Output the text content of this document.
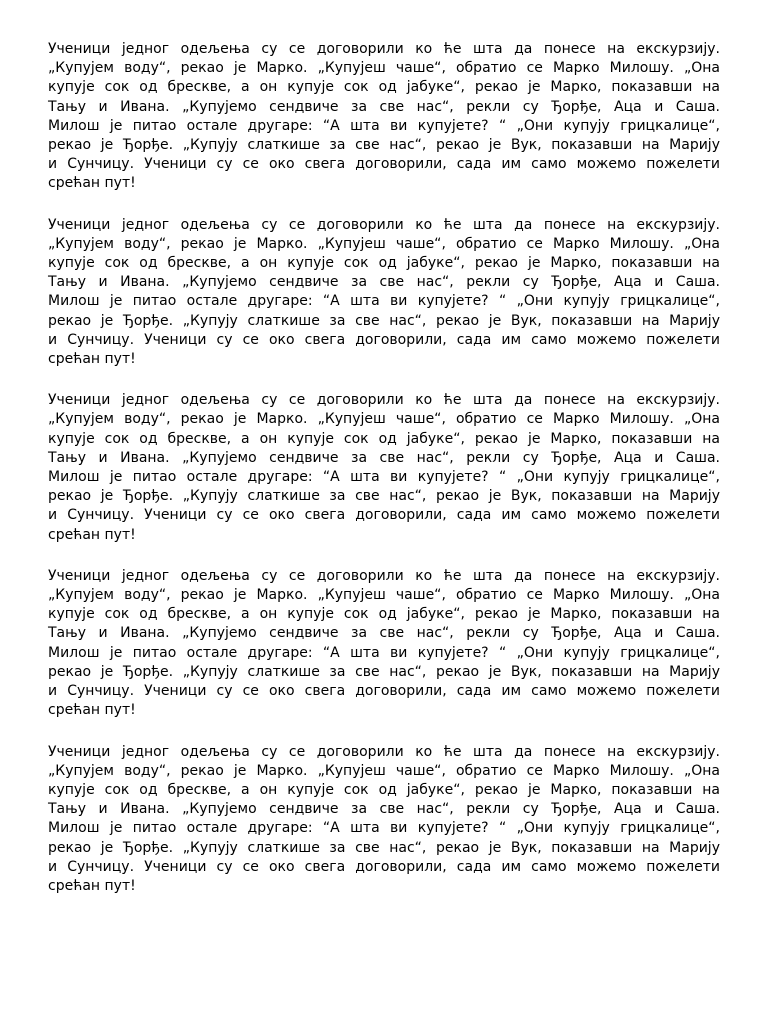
Ученици једног одељења су се договорили ко ће шта да понесе на екскурзију.
„Купујем воду“, рекао је Марко. „Купујеш чаше“, обратио се Марко Милошу. „Она
купује сок од бресквe, а он купује сок од јабуке“, рекао је Марко, показавши на
Тању и Ивана. „Купујемо сендвиче за све нас“, рекли су Ђорђе, Аца и Саша.
Милош је питао остале другаре: “А шта ви купујете? “ „Они купују грицкалице“,
рекао је Ђорђе. „Купују слаткише за све нас“, рекао је Вук, показавши на Марију
и Сунчицу. Ученици су се око свега договорили, сада им само можемо пожелети
срећан пут!
Ученици једног одељења су се договорили ко ће шта да понесе на екскурзију.
„Купујем воду“, рекао је Марко. „Купујеш чаше“, обратио се Марко Милошу. „Она
купује сок од бресквe, а он купује сок од јабуке“, рекао је Марко, показавши на
Тању и Ивана. „Купујемо сендвиче за све нас“, рекли су Ђорђе, Аца и Саша.
Милош је питао остале другаре: “А шта ви купујете? “ „Они купују грицкалице“,
рекао је Ђорђе. „Купују слаткише за све нас“, рекао је Вук, показавши на Марију
и Сунчицу. Ученици су се око свега договорили, сада им само можемо пожелети
срећан пут!
Ученици једног одељења су се договорили ко ће шта да понесе на екскурзију.
„Купујем воду“, рекао је Марко. „Купујеш чаше“, обратио се Марко Милошу. „Она
купује сок од бресквe, а он купује сок од јабуке“, рекао је Марко, показавши на
Тању и Ивана. „Купујемо сендвиче за све нас“, рекли су Ђорђе, Аца и Саша.
Милош је питао остале другаре: “А шта ви купујете? “ „Они купују грицкалице“,
рекао је Ђорђе. „Купују слаткише за све нас“, рекао је Вук, показавши на Марију
и Сунчицу. Ученици су се око свега договорили, сада им само можемо пожелети
срећан пут!
Ученици једног одељења су се договорили ко ће шта да понесе на екскурзију.
„Купујем воду“, рекао је Марко. „Купујеш чаше“, обратио се Марко Милошу. „Она
купује сок од бресквe, а он купује сок од јабуке“, рекао је Марко, показавши на
Тању и Ивана. „Купујемо сендвиче за све нас“, рекли су Ђорђе, Аца и Саша.
Милош је питао остале другаре: “А шта ви купујете? “ „Они купују грицкалице“,
рекао је Ђорђе. „Купују слаткише за све нас“, рекао је Вук, показавши на Марију
и Сунчицу. Ученици су се око свега договорили, сада им само можемо пожелети
срећан пут!
Ученици једног одељења су се договорили ко ће шта да понесе на екскурзију.
„Купујем воду“, рекао је Марко. „Купујеш чаше“, обратио се Марко Милошу. „Она
купује сок од бресквe, а он купује сок од јабуке“, рекао је Марко, показавши на
Тању и Ивана. „Купујемо сендвиче за све нас“, рекли су Ђорђе, Аца и Саша.
Милош је питао остале другаре: “А шта ви купујете? “ „Они купују грицкалице“,
рекао је Ђорђе. „Купују слаткише за све нас“, рекао је Вук, показавши на Марију
и Сунчицу. Ученици су се око свега договорили, сада им само можемо пожелети
срећан пут!
